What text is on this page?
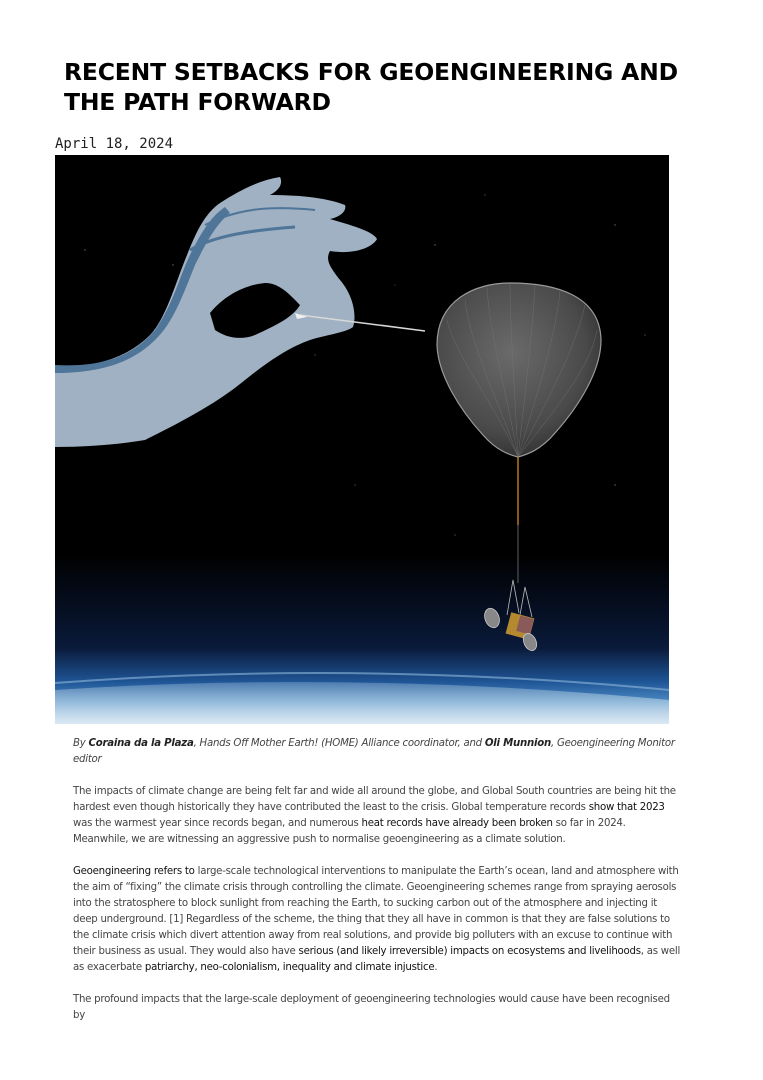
RECENT SETBACKS FOR GEOENGINEERING AND THE PATH FORWARD
April 18, 2024

By Coraina da la Plaza, Hands Off Mother Earth! (HOME) Alliance coordinator, and Oli Munnion, Geoengineering Monitor editor

The impacts of climate change are being felt far and wide all around the globe, and Global South countries are being hit the hardest even though historically they have contributed the least to the crisis. Global temperature records show that 2023 was the warmest year since records began, and numerous heat records have already been broken so far in 2024. Meanwhile, we are witnessing an aggressive push to normalise geoengineering as a climate solution.

Geoengineering refers to large-scale technological interventions to manipulate the Earth’s ocean, land and atmosphere with the aim of “fixing” the climate crisis through controlling the climate. Geoengineering schemes range from spraying aerosols into the stratosphere to block sunlight from reaching the Earth, to sucking carbon out of the atmosphere and injecting it deep underground. [1] Regardless of the scheme, the thing that they all have in common is that they are false solutions to the climate crisis which divert attention away from real solutions, and provide big polluters with an excuse to continue with their business as usual. They would also have serious (and likely irreversible) impacts on ecosystems and livelihoods, as well as exacerbate patriarchy, neo-colonialism, inequality and climate injustice.

The profound impacts that the large-scale deployment of geoengineering technologies would cause have been recognised by
